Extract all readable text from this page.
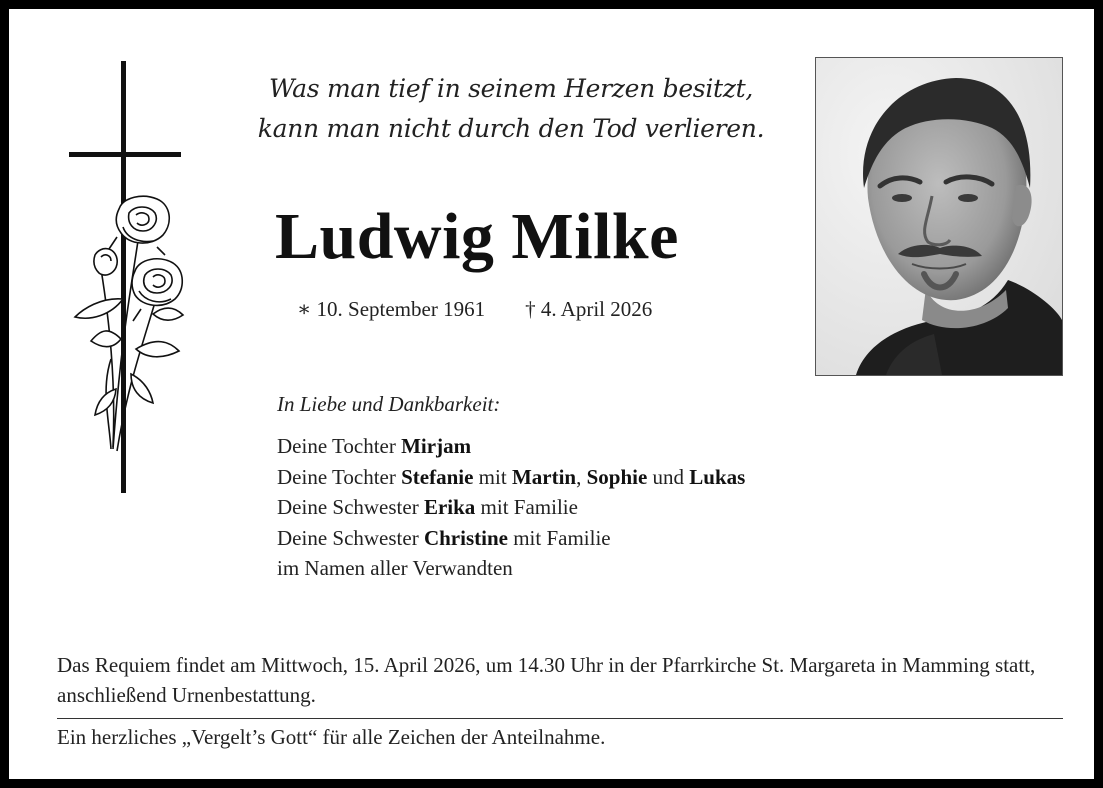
Was man tief in seinem Herzen besitzt,
kann man nicht durch den Tod verlieren.
Ludwig Milke
∗ 10. September 1961 † 4. April 2026
In Liebe und Dankbarkeit:
Deine Tochter Mirjam
Deine Tochter Stefanie mit Martin, Sophie und Lukas
Deine Schwester Erika mit Familie
Deine Schwester Christine mit Familie
im Namen aller Verwandten
Das Requiem findet am Mittwoch, 15. April 2026, um 14.30 Uhr in der Pfarrkirche St. Margareta in Mamming statt, anschließend Urnenbestattung.
Ein herzliches „Vergelt’s Gott“ für alle Zeichen der Anteilnahme.
